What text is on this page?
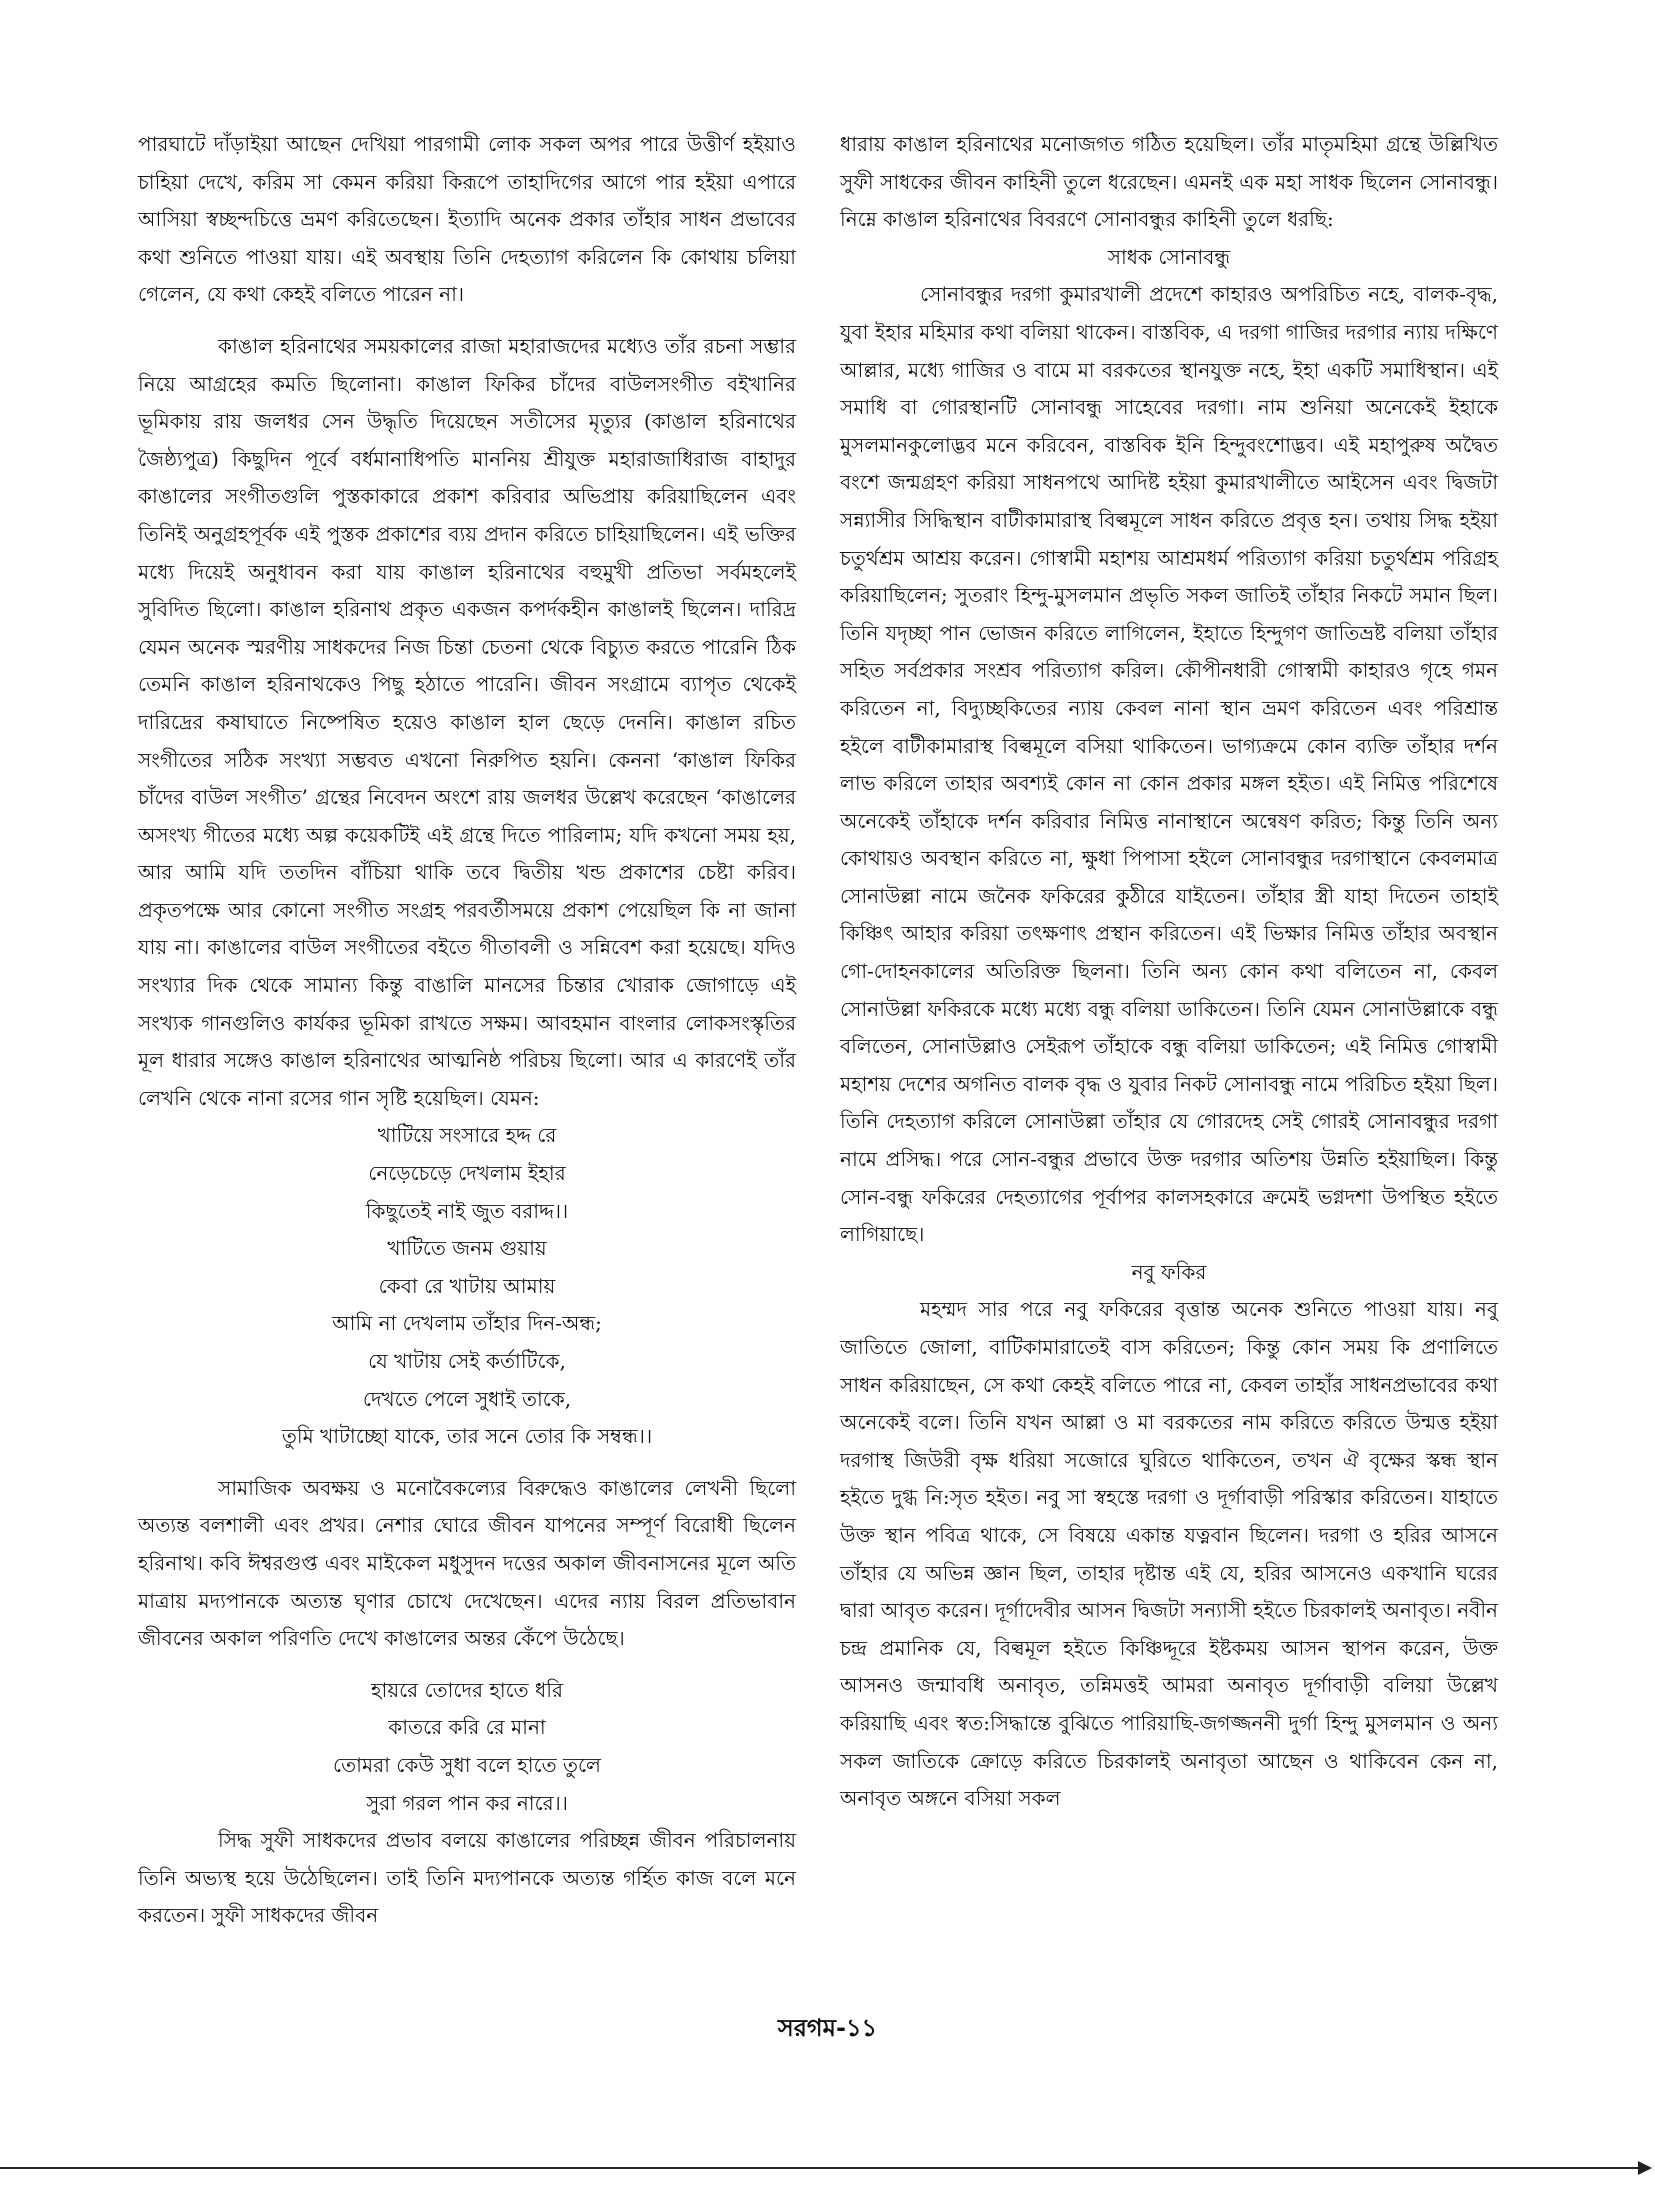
পারঘাটে দাঁড়াইয়া আছেন দেখিয়া পারগামী লোক সকল অপর পারে উত্তীর্ণ হইয়াও চাহিয়া দেখে, করিম সা কেমন করিয়া কিরূপে তাহাদিগের আগে পার হইয়া এপারে আসিয়া স্বচ্ছন্দচিত্তে ভ্রমণ করিতেছেন। ইত্যাদি অনেক প্রকার তাঁহার সাধন প্রভাবের কথা শুনিতে পাওয়া যায়। এই অবস্থায় তিনি দেহত্যাগ করিলেন কি কোথায় চলিয়া গেলেন, যে কথা কেহই বলিতে পারেন না।

কাঙাল হরিনাথের সময়কালের রাজা মহারাজদের মধ্যেও তাঁর রচনা সম্ভার নিয়ে আগ্রহের কমতি ছিলোনা। কাঙাল ফিকির চাঁদের বাউলসংগীত বইখানির ভূমিকায় রায় জলধর সেন উদ্ধৃতি দিয়েছেন সতীসের মৃত্যুর (কাঙাল হরিনাথের জৈষ্ঠ্যপুত্র) কিছুদিন পূর্বে বর্ধমানাধিপতি মাননিয় শ্রীযুক্ত মহারাজাধিরাজ বাহাদুর কাঙালের সংগীতগুলি পুস্তকাকারে প্রকাশ করিবার অভিপ্রায় করিয়াছিলেন এবং তিনিই অনুগ্রহপূর্বক এই পুস্তক প্রকাশের ব্যয় প্রদান করিতে চাহিয়াছিলেন। এই ভক্তির মধ্যে দিয়েই অনুধাবন করা যায় কাঙাল হরিনাথের বহুমুখী প্রতিভা সর্বমহলেই সুবিদিত ছিলো। কাঙাল হরিনাথ প্রকৃত একজন কপর্দকহীন কাঙালই ছিলেন। দারিদ্র যেমন অনেক স্মরণীয় সাধকদের নিজ চিন্তা চেতনা থেকে বিচ্যুত করতে পারেনি ঠিক তেমনি কাঙাল হরিনাথকেও পিছু হঠাতে পারেনি। জীবন সংগ্রামে ব্যাপৃত থেকেই দারিদ্রের কষাঘাতে নিষ্পেষিত হয়েও কাঙাল হাল ছেড়ে দেননি। কাঙাল রচিত সংগীতের সঠিক সংখ্যা সম্ভবত এখনো নিরুপিত হয়নি। কেননা ‘কাঙাল ফিকির চাঁদের বাউল সংগীত’ গ্রন্থের নিবেদন অংশে রায় জলধর উল্লেখ করেছেন ‘কাঙালের অসংখ্য গীতের মধ্যে অল্প কয়েকটিই এই গ্রন্থে দিতে পারিলাম; যদি কখনো সময় হয়, আর আমি যদি ততদিন বাঁচিয়া থাকি তবে দ্বিতীয় খন্ড প্রকাশের চেষ্টা করিব। প্রকৃতপক্ষে আর কোনো সংগীত সংগ্রহ পরবর্তীসময়ে প্রকাশ পেয়েছিল কি না জানা যায় না। কাঙালের বাউল সংগীতের বইতে গীতাবলী ও সন্নিবেশ করা হয়েছে। যদিও সংখ্যার দিক থেকে সামান্য কিন্তু বাঙালি মানসের চিন্তার খোরাক জোগাড়ে এই সংখ্যক গানগুলিও কার্যকর ভূমিকা রাখতে সক্ষম। আবহমান বাংলার লোকসংস্কৃতির মূল ধারার সঙ্গেও কাঙাল হরিনাথের আত্মনিষ্ঠ পরিচয় ছিলো। আর এ কারণেই তাঁর লেখনি থেকে নানা রসের গান সৃষ্টি হয়েছিল। যেমন:

খাটিয়ে সংসারে হদ্দ রে
নেড়েচেড়ে দেখলাম ইহার
কিছুতেই নাই জুত বরাদ্দ।।
খাটিতে জনম গুয়ায়
কেবা রে খাটায় আমায়
আমি না দেখলাম তাঁহার দিন-অন্ধ;
যে খাটায় সেই কর্তাটিকে,
দেখতে পেলে সুধাই তাকে,
তুমি খাটাচ্ছো যাকে, তার সনে তোর কি সম্বন্ধ।।

সামাজিক অবক্ষয় ও মনোবৈকল্যের বিরুদ্ধেও কাঙালের লেখনী ছিলো অত্যন্ত বলশালী এবং প্রখর। নেশার ঘোরে জীবন যাপনের সম্পূর্ণ বিরোধী ছিলেন হরিনাথ। কবি ঈশ্বরগুপ্ত এবং মাইকেল মধুসুদন দত্তের অকাল জীবনাসনের মূলে অতি মাত্রায় মদ্যপানকে অত্যন্ত ঘৃণার চোখে দেখেছেন। এদের ন্যায় বিরল প্রতিভাবান জীবনের অকাল পরিণতি দেখে কাঙালের অন্তর কেঁপে উঠেছে।

হায়রে তোদের হাতে ধরি
কাতরে করি রে মানা
তোমরা কেউ সুধা বলে হাতে তুলে
সুরা গরল পান কর নারে।।

সিদ্ধ সুফী সাধকদের প্রভাব বলয়ে কাঙালের পরিচ্ছন্ন জীবন পরিচালনায় তিনি অভ্যস্থ হয়ে উঠেছিলেন। তাই তিনি মদ্যপানকে অত্যন্ত গর্হিত কাজ বলে মনে করতেন। সুফী সাধকদের জীবন

ধারায় কাঙাল হরিনাথের মনোজগত গঠিত হয়েছিল। তাঁর মাতৃমহিমা গ্রন্থে উল্লিখিত সুফী সাধকের জীবন কাহিনী তুলে ধরেছেন। এমনই এক মহা সাধক ছিলেন সোনাবন্ধু। নিম্নে কাঙাল হরিনাথের বিবরণে সোনাবন্ধুর কাহিনী তুলে ধরছি:

সাধক সোনাবন্ধু

সোনাবন্ধুর দরগা কুমারখালী প্রদেশে কাহারও অপরিচিত নহে, বালক-বৃদ্ধ, যুবা ইহার মহিমার কথা বলিয়া থাকেন। বাস্তবিক, এ দরগা গাজির দরগার ন্যায় দক্ষিণে আল্লার, মধ্যে গাজির ও বামে মা বরকতের স্থানযুক্ত নহে, ইহা একটি সমাধিস্থান। এই সমাধি বা গোরস্থানটি সোনাবন্ধু সাহেবের দরগা। নাম শুনিয়া অনেকেই ইহাকে মুসলমানকুলোদ্ভব মনে করিবেন, বাস্তবিক ইনি হিন্দুবংশোদ্ভব। এই মহাপুরুষ অদ্বৈত বংশে জন্মগ্রহণ করিয়া সাধনপথে আদিষ্ট হইয়া কুমারখালীতে আইসেন এবং দ্বিজটা সন্ন্যাসীর সিদ্ধিস্থান বাটীকামারাস্থ বিল্বমূলে সাধন করিতে প্রবৃত্ত হন। তথায় সিদ্ধ হইয়া চতুর্থশ্রম আশ্রয় করেন। গোস্বামী মহাশয় আশ্রমধর্ম পরিত্যাগ করিয়া চতুর্থশ্রম পরিগ্রহ করিয়াছিলেন; সুতরাং হিন্দু-মুসলমান প্রভৃতি সকল জাতিই তাঁহার নিকটে সমান ছিল। তিনি যদৃচ্ছা পান ভোজন করিতে লাগিলেন, ইহাতে হিন্দুগণ জাতিভ্রষ্ট বলিয়া তাঁহার সহিত সর্বপ্রকার সংশ্রব পরিত্যাগ করিল। কৌপীনধারী গোস্বামী কাহারও গৃহে গমন করিতেন না, বিদ্যুচ্ছকিতের ন্যায় কেবল নানা স্থান ভ্রমণ করিতেন এবং পরিশ্রান্ত হইলে বাটীকামারাস্থ বিল্বমূলে বসিয়া থাকিতেন। ভাগ্যক্রমে কোন ব্যক্তি তাঁহার দর্শন লাভ করিলে তাহার অবশ্যই কোন না কোন প্রকার মঙ্গল হইত। এই নিমিত্ত পরিশেষে অনেকেই তাঁহাকে দর্শন করিবার নিমিত্ত নানাস্থানে অন্বেষণ করিত; কিন্তু তিনি অন্য কোথায়ও অবস্থান করিতে না, ক্ষুধা পিপাসা হইলে সোনাবন্ধুর দরগাস্থানে কেবলমাত্র সোনাউল্লা নামে জনৈক ফকিরের কুঠীরে যাইতেন। তাঁহার স্ত্রী যাহা দিতেন তাহাই কিঞ্চিৎ আহার করিয়া তৎক্ষণাৎ প্রস্থান করিতেন। এই ভিক্ষার নিমিত্ত তাঁহার অবস্থান গো-দোহনকালের অতিরিক্ত ছিলনা। তিনি অন্য কোন কথা বলিতেন না, কেবল সোনাউল্লা ফকিরকে মধ্যে মধ্যে বন্ধু বলিয়া ডাকিতেন। তিনি যেমন সোনাউল্লাকে বন্ধু বলিতেন, সোনাউল্লাও সেইরূপ তাঁহাকে বন্ধু বলিয়া ডাকিতেন; এই নিমিত্ত গোস্বামী মহাশয় দেশের অগনিত বালক বৃদ্ধ ও যুবার নিকট সোনাবন্ধু নামে পরিচিত হইয়া ছিল। তিনি দেহত্যাগ করিলে সোনাউল্লা তাঁহার যে গোরদেহ সেই গোরই সোনাবন্ধুর দরগা নামে প্রসিদ্ধ। পরে সোন-বন্ধুর প্রভাবে উক্ত দরগার অতিশয় উন্নতি হইয়াছিল। কিন্তু সোন-বন্ধু ফকিরের দেহত্যাগের পূর্বাপর কালসহকারে ক্রমেই ভগ্নদশা উপস্থিত হইতে লাগিয়াছে।

নবু ফকির

মহম্মদ সার পরে নবু ফকিরের বৃত্তান্ত অনেক শুনিতে পাওয়া যায়। নবু জাতিতে জোলা, বাটিকামারাতেই বাস করিতেন; কিন্তু কোন সময় কি প্রণালিতে সাধন করিয়াছেন, সে কথা কেহই বলিতে পারে না, কেবল তাহাঁর সাধনপ্রভাবের কথা অনেকেই বলে। তিনি যখন আল্লা ও মা বরকতের নাম করিতে করিতে উন্মত্ত হইয়া দরগাস্থ জিউরী বৃক্ষ ধরিয়া সজোরে ঘুরিতে থাকিতেন, তখন ঐ বৃক্ষের স্কন্ধ স্থান হইতে দুগ্ধ নি:সৃত হইত। নবু সা স্বহস্তে দরগা ও দূর্গাবাড়ী পরিস্কার করিতেন। যাহাতে উক্ত স্থান পবিত্র থাকে, সে বিষয়ে একান্ত যত্নবান ছিলেন। দরগা ও হরির আসনে তাঁহার যে অভিন্ন জ্ঞান ছিল, তাহার দৃষ্টান্ত এই যে, হরির আসনেও একখানি ঘরের দ্বারা আবৃত করেন। দূর্গাদেবীর আসন দ্বিজটা সন্যাসী হইতে চিরকালই অনাবৃত। নবীন চন্দ্র প্রমানিক যে, বিল্বমূল হইতে কিঞ্চিদ্দূরে ইষ্টকময় আসন স্থাপন করেন, উক্ত আসনও জন্মাবধি অনাবৃত, তন্নিমত্তই আমরা অনাবৃত দূর্গাবাড়ী বলিয়া উল্লেখ করিয়াছি এবং স্বত:সিদ্ধান্তে বুঝিতে পারিয়াছি-জগজ্জননী দুর্গা হিন্দু মুসলমান ও অন্য সকল জাতিকে ক্রোড়ে করিতে চিরকালই অনাবৃতা আছেন ও থাকিবেন কেন না, অনাবৃত অঙ্গনে বসিয়া সকল

সরগম-১১
